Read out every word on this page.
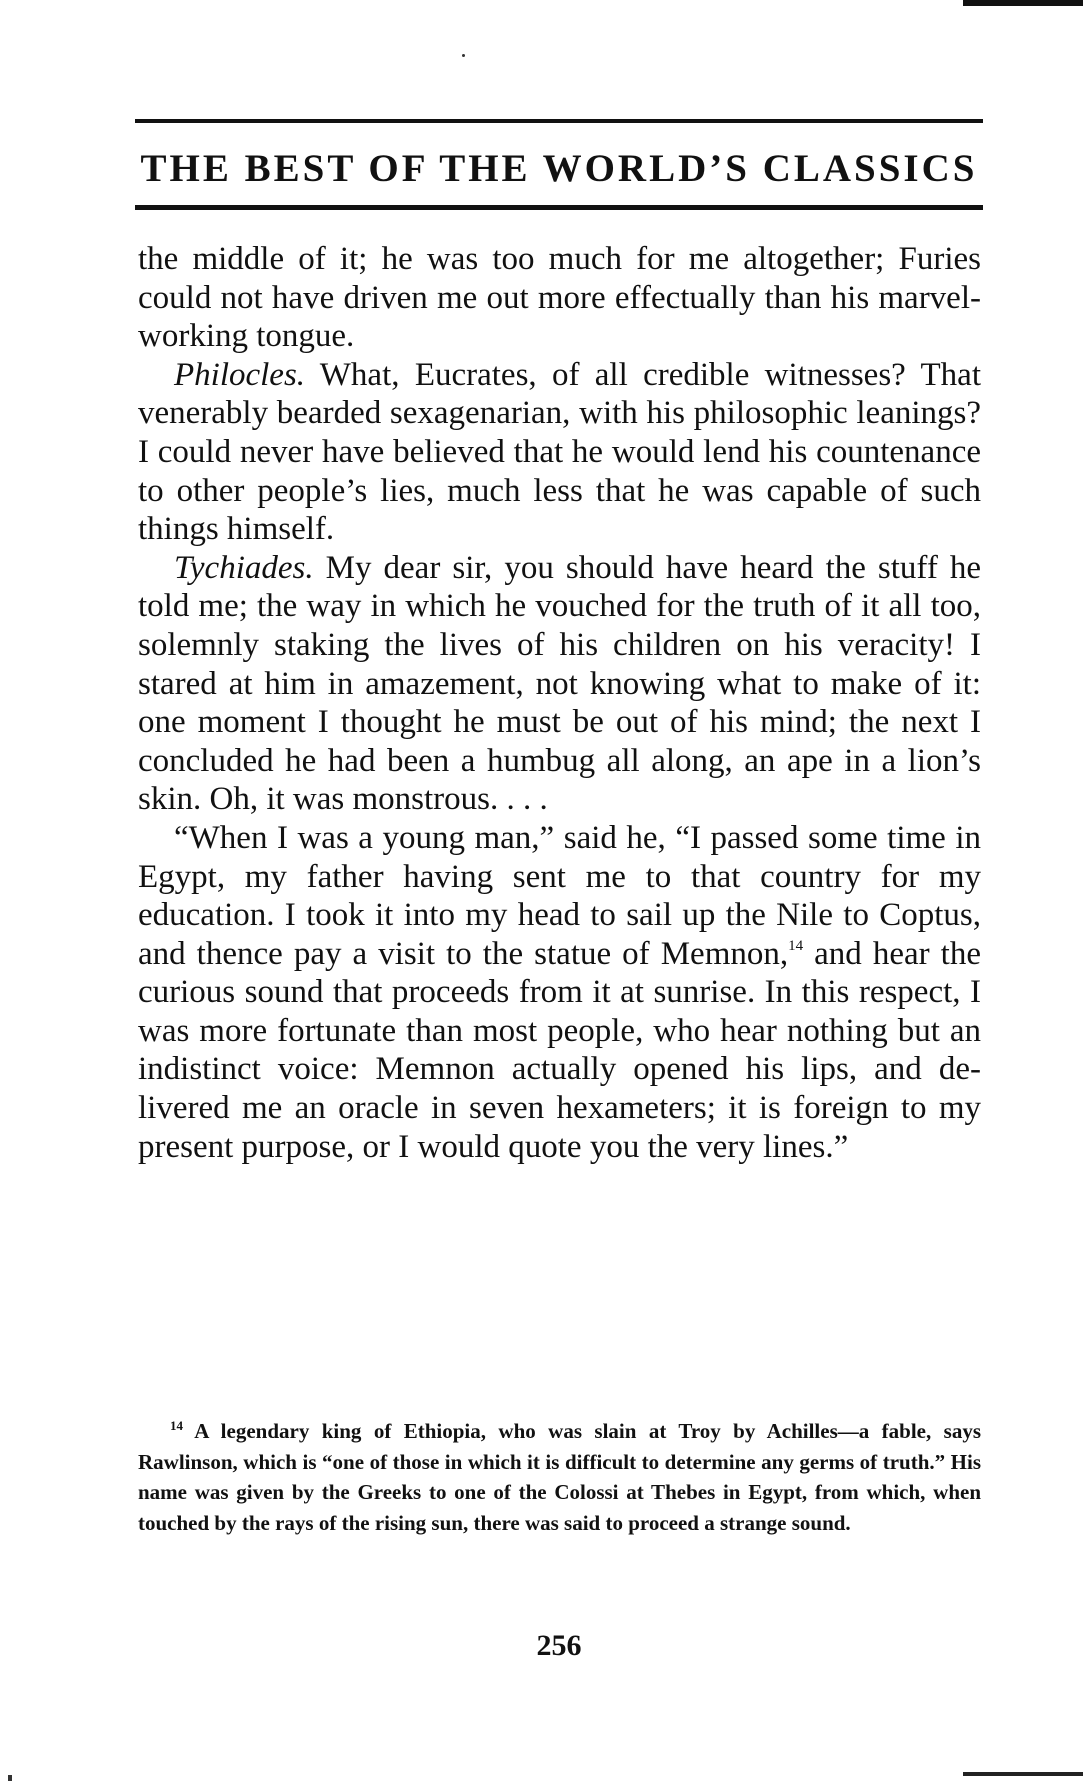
THE BEST OF THE WORLD’S CLASSICS

the middle of it; he was too much for me altogether; Furies could not have driven me out more effectually than his marvel-working tongue.

Philocles. What, Eucrates, of all credible witnesses? That venerably bearded sexagenarian, with his philosophic leanings? I could never have believed that he would lend his countenance to other people’s lies, much less that he was capable of such things himself.

Tychiades. My dear sir, you should have heard the stuff he told me; the way in which he vouched for the truth of it all too, solemnly staking the lives of his children on his veracity! I stared at him in amazement, not knowing what to make of it: one moment I thought he must be out of his mind; the next I concluded he had been a humbug all along, an ape in a lion’s skin. Oh, it was monstrous. . . .

“When I was a young man,” said he, “I passed some time in Egypt, my father having sent me to that country for my education. I took it into my head to sail up the Nile to Coptus, and thence pay a visit to the statue of Memnon,$^{14}$ and hear the curious sound that proceeds from it at sunrise. In this respect, I was more fortunate than most people, who hear nothing but an indistinct voice: Memnon actually opened his lips, and delivered me an oracle in seven hexameters; it is foreign to my present purpose, or I would quote you the very lines.”

$^{14}$ A legendary king of Ethiopia, who was slain at Troy by Achilles—a fable, says Rawlinson, which is “one of those in which it is difficult to determine any germs of truth.” His name was given by the Greeks to one of the Colossi at Thebes in Egypt, from which, when touched by the rays of the rising sun, there was said to proceed a strange sound.

256
